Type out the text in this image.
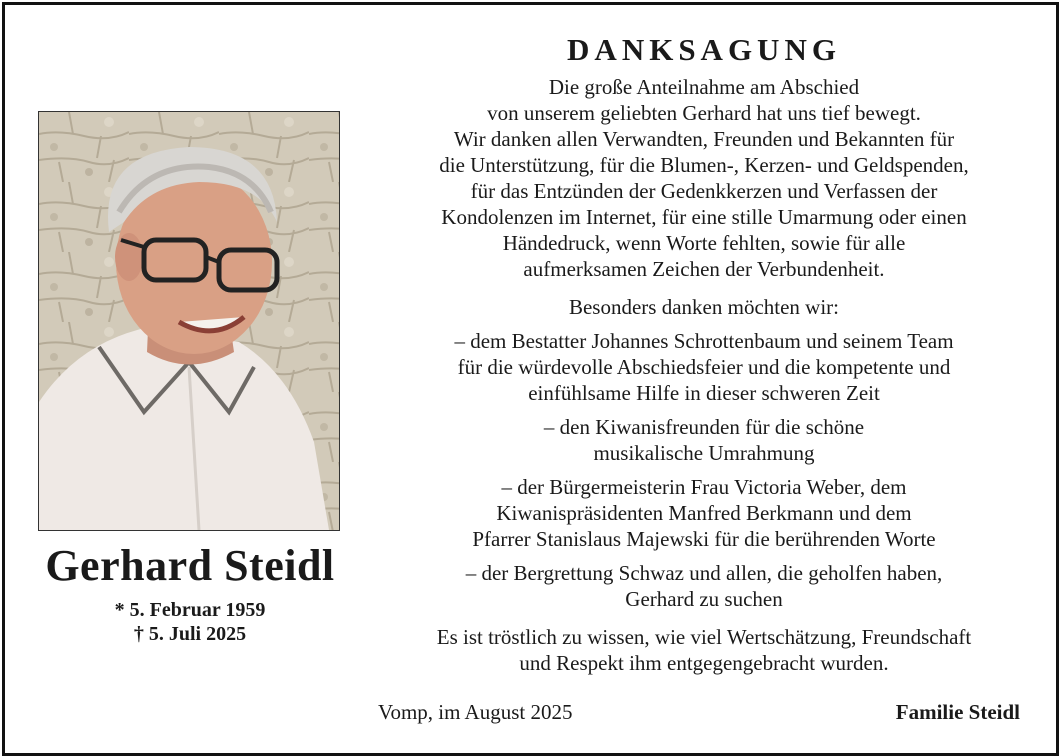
Gerhard Steidl
* 5. Februar 1959
† 5. Juli 2025
DANKSAGUNG

Die große Anteilnahme am Abschied
von unserem geliebten Gerhard hat uns tief bewegt.
Wir danken allen Verwandten, Freunden und Bekannten für
die Unterstützung, für die Blumen-, Kerzen- und Geldspenden,
für das Entzünden der Gedenkkerzen und Verfassen der
Kondolenzen im Internet, für eine stille Umarmung oder einen
Händedruck, wenn Worte fehlten, sowie für alle
aufmerksamen Zeichen der Verbundenheit.

Besonders danken möchten wir:

– dem Bestatter Johannes Schrottenbaum und seinem Team
für die würdevolle Abschiedsfeier und die kompetente und
einfühlsame Hilfe in dieser schweren Zeit

– den Kiwanisfreunden für die schöne
musikalische Umrahmung

– der Bürgermeisterin Frau Victoria Weber, dem
Kiwanispräsidenten Manfred Berkmann und dem
Pfarrer Stanislaus Majewski für die berührenden Worte

– der Bergrettung Schwaz und allen, die geholfen haben,
Gerhard zu suchen

Es ist tröstlich zu wissen, wie viel Wertschätzung, Freundschaft
und Respekt ihm entgegengebracht wurden.

Vomp, im August 2025	Familie Steidl
